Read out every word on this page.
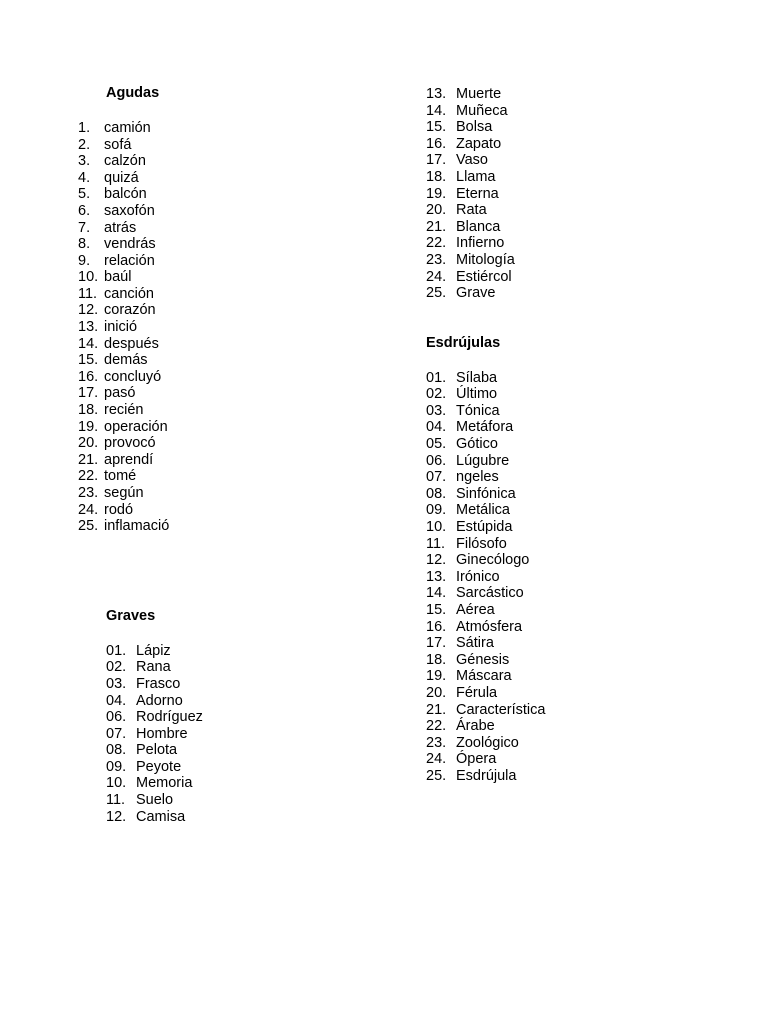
Agudas
1. camión
2. sofá
3. calzón
4. quizá
5. balcón
6. saxofón
7. atrás
8. vendrás
9. relación
10. baúl
11. canción
12. corazón
13. inició
14. después
15. demás
16. concluyó
17. pasó
18. recién
19. operación
20. provocó
21. aprendí
22. tomé
23. según
24. rodó
25. inflamació
Graves
01. Lápiz
02. Rana
03. Frasco
04. Adorno
06. Rodríguez
07. Hombre
08. Pelota
09. Peyote
10. Memoria
11. Suelo
12. Camisa
13. Muerte
14. Muñeca
15. Bolsa
16. Zapato
17. Vaso
18. Llama
19. Eterna
20. Rata
21. Blanca
22. Infierno
23. Mitología
24. Estiércol
25. Grave
Esdrújulas
01. Sílaba
02. Último
03. Tónica
04. Metáfora
05. Gótico
06. Lúgubre
07. ngeles
08. Sinfónica
09. Metálica
10. Estúpida
11. Filósofo
12. Ginecólogo
13. Irónico
14. Sarcástico
15. Aérea
16. Atmósfera
17. Sátira
18. Génesis
19. Máscara
20. Férula
21. Característica
22. Árabe
23. Zoológico
24. Ópera
25. Esdrújula
